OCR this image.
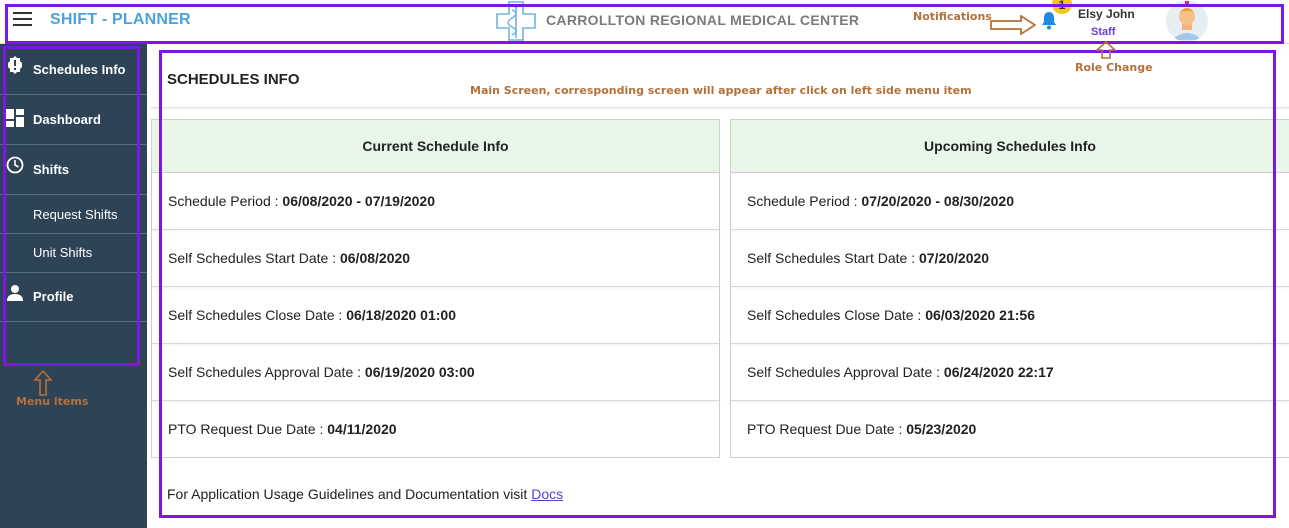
SHIFT - PLANNER	CARROLLTON REGIONAL MEDICAL CENTER
1
Elsy John
Staff
Schedules Info
Dashboard
Shifts
Request Shifts
Unit Shifts
Profile
SCHEDULES INFO
Current Schedule Info
Schedule Period : 06/08/2020 - 07/19/2020
Self Schedules Start Date : 06/08/2020
Self Schedules Close Date : 06/18/2020 01:00
Self Schedules Approval Date : 06/19/2020 03:00
PTO Request Due Date : 04/11/2020
Upcoming Schedules Info
Schedule Period : 07/20/2020 - 08/30/2020
Self Schedules Start Date : 07/20/2020
Self Schedules Close Date : 06/03/2020 21:56
Self Schedules Approval Date : 06/24/2020 22:17
PTO Request Due Date : 05/23/2020
For Application Usage Guidelines and Documentation visit Docs
Notifications
Role Change
Main Screen, corresponding screen will appear after click on left side menu item
Menu items
